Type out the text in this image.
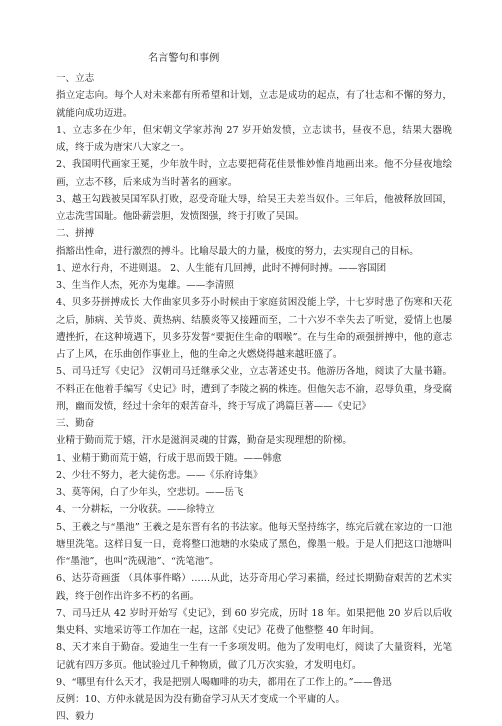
名言警句和事例

一、立志

指立定志向。每个人对未来都有所希望和计划，立志是成功的起点，有了壮志和不懈的努力，就能向成功迈进。

1、立志多在少年，但宋朝文学家苏洵 27 岁开始发愤，立志读书，昼夜不息，结果大器晚成，终于成为唐宋八大家之一。

2、我国明代画家王冕，少年放牛时，立志要把荷花佳景惟妙惟肖地画出来。他不分昼夜地绘画，立志不移，后来成为当时著名的画家。

3、越王勾践被吴国军队打败，忍受奇耻大辱，给吴王夫差当奴仆。三年后，他被释放回国，立志洗雪国耻。他卧薪尝胆，发愤图强，终于打败了吴国。

二、拼搏

指豁出性命，进行激烈的搏斗。比喻尽最大的力量，极度的努力，去实现自己的目标。

1、逆水行舟，不进则退。 2、人生能有几回搏，此时不搏何时搏。——容国团

3、生当作人杰，死亦为鬼雄。——李清照

4、贝多芬拼搏成长 大作曲家贝多芬小时候由于家庭贫困没能上学，十七岁时患了伤寒和天花之后，肺病、关节炎、黄热病、结膜炎等又接踵而至，二十六岁不幸失去了听觉，爱情上也屡遭挫折，在这种境遇下，贝多芬发誓“要扼住生命的咽喉”。在与生命的顽强拼搏中，他的意志占了上风，在乐曲创作事业上，他的生命之火燃烧得越来越旺盛了。

5、司马迁写《史记》 汉朝司马迁继承父业，立志著述史书。他游历各地，阅读了大量书籍。不料正在他着手编写《史记》时，遭到了李陵之祸的株连。但他矢志不渝，忍辱负重，身受腐刑，幽而发愤，经过十余年的艰苦奋斗，终于写成了鸿篇巨著——《史记》

三、勤奋

业精于勤而荒于嬉，汗水是滋润灵魂的甘露，勤奋是实现理想的阶梯。

1、业精于勤而荒于嬉，行成于思而毁于随。——韩愈

2、少壮不努力，老大徒伤悲。——《乐府诗集》

3、莫等闲，白了少年头，空悲切。——岳飞

4、一分耕耘，一分收获。——徐特立

5、王羲之与“墨池” 王羲之是东晋有名的书法家。他每天坚持练字，练完后就在家边的一口池塘里洗笔。这样日复一日，竟将整口池塘的水染成了黑色，像墨一般。于是人们把这口池塘叫作“墨池”，也叫“洗砚池”、“洗笔池”。

6、达芬奇画蛋 （具体事件略）……从此，达芬奇用心学习素描，经过长期勤奋艰苦的艺术实践，终于创作出许多不朽的名画。

7、司马迁从 42 岁时开始写《史记》，到 60 岁完成，历时 18 年。如果把他 20 岁后以后收集史料、实地采访等工作加在一起，这部《史记》花费了他整整 40 年时间。

8、天才来自于勤奋。爱迪生一生有一千多项发明。他为了发明电灯，阅读了大量资料，光笔记就有四万多页。他试验过几千种物质，做了几万次实验，才发明电灯。

9、“哪里有什么天才，我是把别人喝咖啡的功夫，都用在了工作上的。”——鲁迅

反例：10、方仲永就是因为没有勤奋学习从天才变成一个平庸的人。

四、毅力
